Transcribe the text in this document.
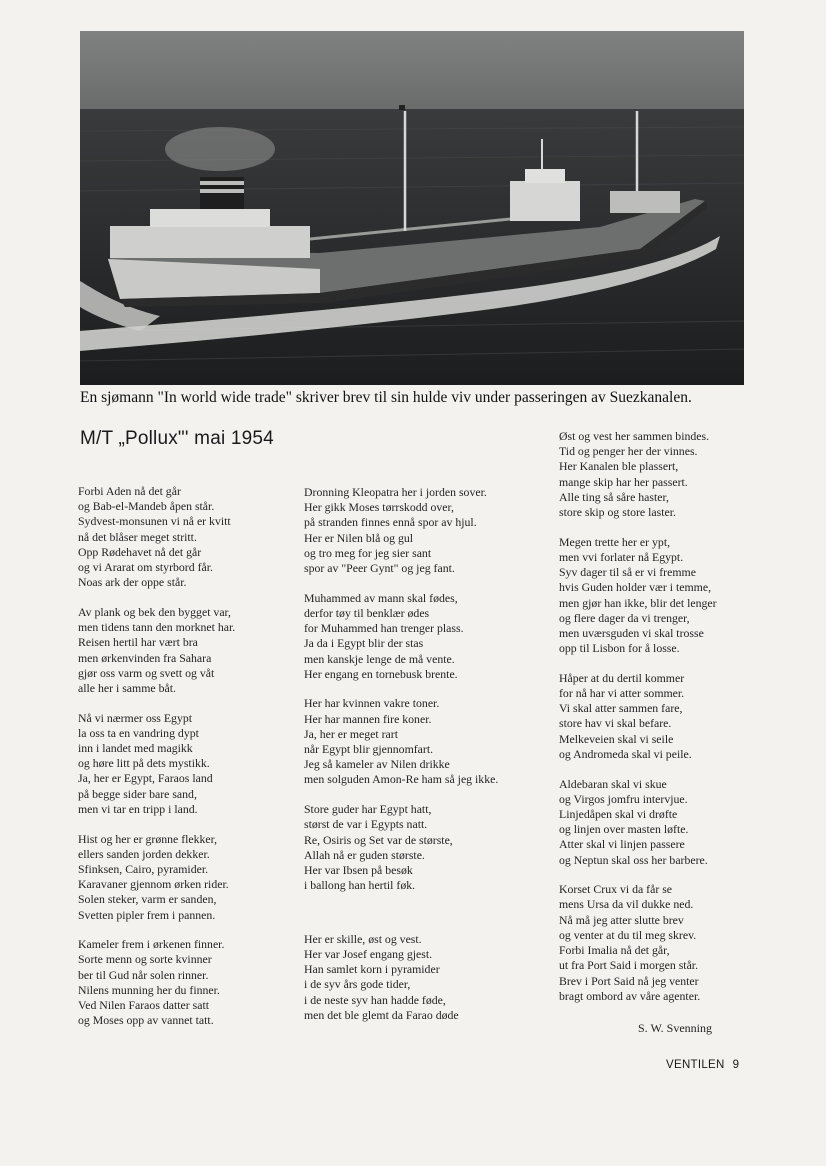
En sjømann "In world wide trade" skriver brev til sin hulde viv under passeringen av Suezkanalen.
M/T „Pollux"' mai 1954

Forbi Aden nå det går
og Bab-el-Mandeb åpen står.
Sydvest-monsunen vi nå er kvitt
nå det blåser meget stritt.
Opp Rødehavet nå det går
og vi Ararat om styrbord får.
Noas ark der oppe står.

Av plank og bek den bygget var,
men tidens tann den morknet har.
Reisen hertil har vært bra
men ørkenvinden fra Sahara
gjør oss varm og svett og våt
alle her i samme båt.

Nå vi nærmer oss Egypt
la oss ta en vandring dypt
inn i landet med magikk
og høre litt på dets mystikk.
Ja, her er Egypt, Faraos land
på begge sider bare sand,
men vi tar en tripp i land.

Hist og her er grønne flekker,
ellers sanden jorden dekker.
Sfinksen, Cairo, pyramider.
Karavaner gjennom ørken rider.
Solen steker, varm er sanden,
Svetten pipler frem i pannen.

Kameler frem i ørkenen finner.
Sorte menn og sorte kvinner
ber til Gud når solen rinner.
Nilens munning her du finner.
Ved Nilen Faraos datter satt
og Moses opp av vannet tatt.

Dronning Kleopatra her i jorden sover.
Her gikk Moses tørrskodd over,
på stranden finnes ennå spor av hjul.
Her er Nilen blå og gul
og tro meg for jeg sier sant
spor av "Peer Gynt" og jeg fant.

Muhammed av mann skal fødes,
derfor tøy til benklær ødes
for Muhammed han trenger plass.
Ja da i Egypt blir der stas
men kanskje lenge de må vente.
Her engang en tornebusk brente.

Her har kvinnen vakre toner.
Her har mannen fire koner.
Ja, her er meget rart
når Egypt blir gjennomfart.
Jeg så kameler av Nilen drikke
men solguden Amon-Re ham så jeg ikke.

Store guder har Egypt hatt,
størst de var i Egypts natt.
Re, Osiris og Set var de største,
Allah nå er guden største.
Her var Ibsen på besøk
i ballong han hertil føk.

Her er skille, øst og vest.
Her var Josef engang gjest.
Han samlet korn i pyramider
i de syv års gode tider,
i de neste syv han hadde føde,
men det ble glemt da Farao døde

Øst og vest her sammen bindes.
Tid og penger her der vinnes.
Her Kanalen ble plassert,
mange skip har her passert.
Alle ting så såre haster,
store skip og store laster.

Megen trette her er ypt,
men vvi forlater nå Egypt.
Syv dager til så er vi fremme
hvis Guden holder vær i temme,
men gjør han ikke, blir det lenger
og flere dager da vi trenger,
men uværsguden vi skal trosse
opp til Lisbon for å losse.

Håper at du dertil kommer
for nå har vi atter sommer.
Vi skal atter sammen fare,
store hav vi skal befare.
Melkeveien skal vi seile
og Andromeda skal vi peile.

Aldebaran skal vi skue
og Virgos jomfru intervjue.
Linjedåpen skal vi drøfte
og linjen over masten løfte.
Atter skal vi linjen passere
og Neptun skal oss her barbere.

Korset Crux vi da får se
mens Ursa da vil dukke ned.
Nå må jeg atter slutte brev
og venter at du til meg skrev.
Forbi Imalia nå det går,
ut fra Port Said i morgen står.
Brev i Port Said nå jeg venter
bragt ombord av våre agenter.

S. W. Svenning
VENTILEN 9
